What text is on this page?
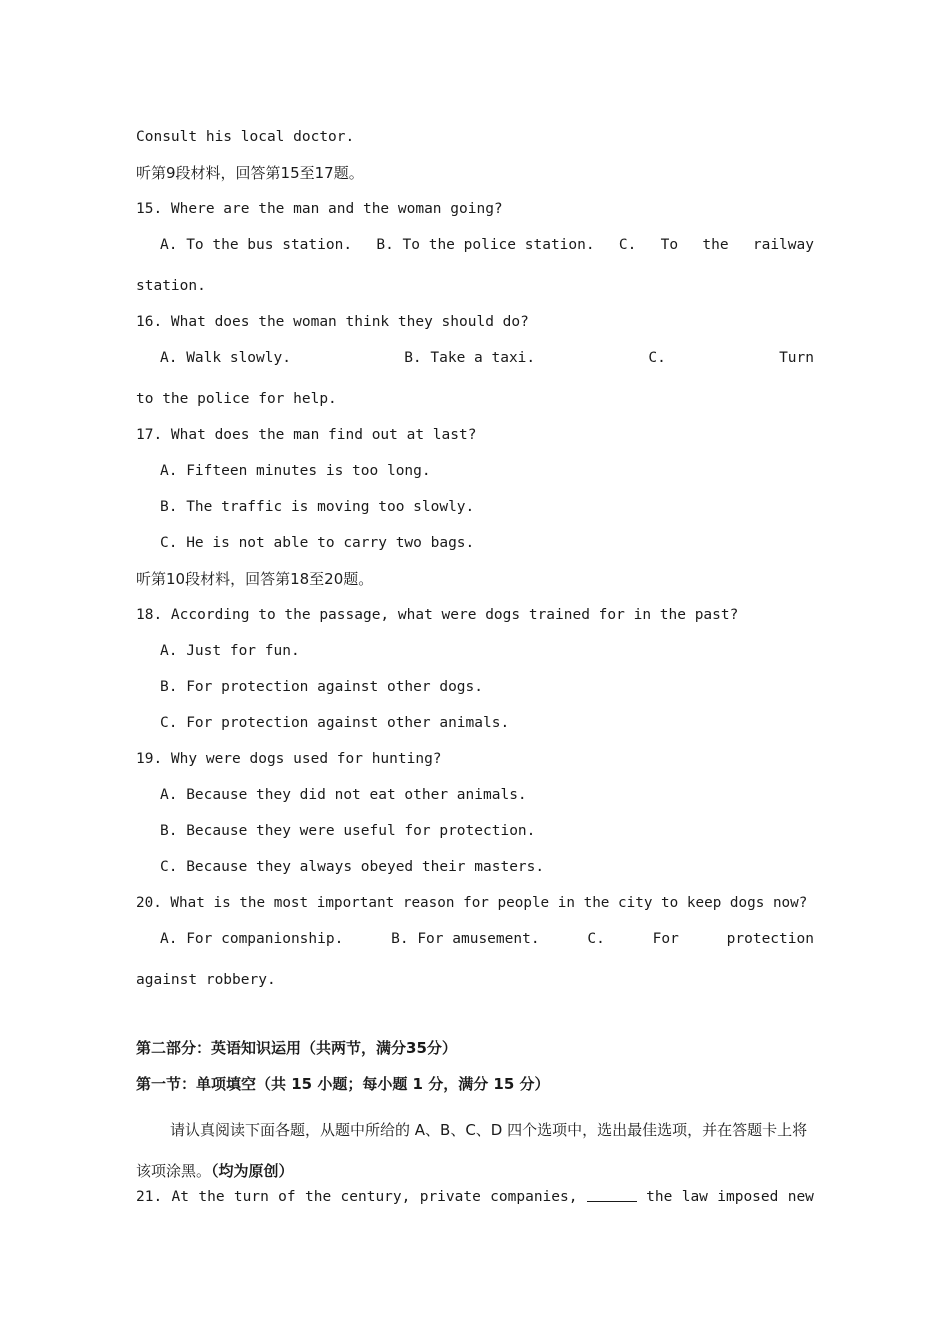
Consult his local doctor.
听第9段材料，回答第15至17题。
15. Where are the man and the woman going?
A. To the bus station. B. To the police station. C. To the railway
station.
16. What does the woman think they should do?
A. Walk slowly.	B. Take a taxi.	C.	Turn
to the police for help.
17. What does the man find out at last?
A. Fifteen minutes is too long.
B. The traffic is moving too slowly.
C. He is not able to carry two bags.
听第10段材料，回答第18至20题。
18. According to the passage, what were dogs trained for in the past?
A. Just for fun.
B. For protection against other dogs.
C. For protection against other animals.
19. Why were dogs used for hunting?
A. Because they did not eat other animals.
B. Because they were useful for protection.
C. Because they always obeyed their masters.
20. What is the most important reason for people in the city to keep dogs now?
A. For companionship.	B. For amusement.	C.	For	protection
against robbery.
第二部分：英语知识运用（共两节，满分35分）
第一节：单项填空（共 15 小题；每小题 1 分，满分 15 分）
请认真阅读下面各题，从题中所给的 A、B、C、D 四个选项中，选出最佳选项，并在答题卡上将该项涂黑。（均为原创）
21. At the turn of the century, private companies,	the law imposed new
